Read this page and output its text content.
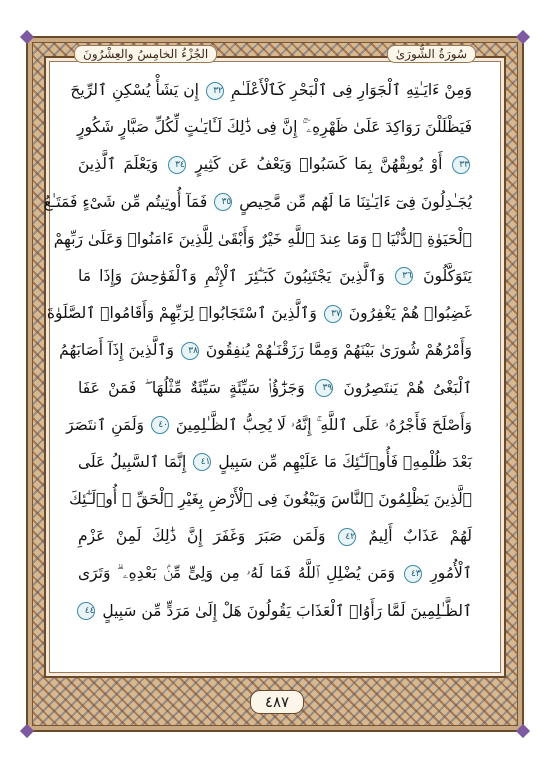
الجُزْءُ الخامِسُ والعِشْرُونَ	سُورَةُ الشُّورَىٰ
وَمِنْ ءَايَـٰتِهِ ٱلْجَوَارِ فِى ٱلْبَحْرِ كَٱلْأَعْلَـٰمِ ٣٢ إِن يَشَأْ يُسْكِنِ ٱلرِّيحَ
فَيَظْلَلْنَ رَوَاكِدَ عَلَىٰ ظَهْرِهِۦٓ ۚ إِنَّ فِى ذَٰلِكَ لَـَٔايَـٰتٍ لِّكُلِّ صَبَّارٍ شَكُورٍ
٣٣ أَوْ يُوبِقْهُنَّ بِمَا كَسَبُوا۟ وَيَعْفُ عَن كَثِيرٍ ٣٤ وَيَعْلَمَ ٱلَّذِينَ
يُجَـٰدِلُونَ فِىٓ ءَايَـٰتِنَا مَا لَهُم مِّن مَّحِيصٍ ٣٥ فَمَآ أُوتِيتُم مِّن شَىْءٍ فَمَتَـٰعُ
ٱلْحَيَوٰةِ ٱلدُّنْيَا ۖ وَمَا عِندَ ٱللَّهِ خَيْرٌ وَأَبْقَىٰ لِلَّذِينَ ءَامَنُوا۟ وَعَلَىٰ رَبِّهِمْ
يَتَوَكَّلُونَ ٣٦ وَٱلَّذِينَ يَجْتَنِبُونَ كَبَـٰٓئِرَ ٱلْإِثْمِ وَٱلْفَوَٰحِشَ وَإِذَا مَا
غَضِبُوا۟ هُمْ يَغْفِرُونَ ٣٧ وَٱلَّذِينَ ٱسْتَجَابُوا۟ لِرَبِّهِمْ وَأَقَامُوا۟ ٱلصَّلَوٰةَ
وَأَمْرُهُمْ شُورَىٰ بَيْنَهُمْ وَمِمَّا رَزَقْنَـٰهُمْ يُنفِقُونَ ٣٨ وَٱلَّذِينَ إِذَآ أَصَابَهُمُ
ٱلْبَغْىُ هُمْ يَنتَصِرُونَ ٣٩ وَجَزَٰٓؤُا۟ سَيِّئَةٍ سَيِّئَةٌ مِّثْلُهَا ۖ فَمَنْ عَفَا
وَأَصْلَحَ فَأَجْرُهُۥ عَلَى ٱللَّهِ ۚ إِنَّهُۥ لَا يُحِبُّ ٱلظَّـٰلِمِينَ ٤٠ وَلَمَنِ ٱنتَصَرَ
بَعْدَ ظُلْمِهِۦ فَأُو۟لَـٰٓئِكَ مَا عَلَيْهِم مِّن سَبِيلٍ ٤١ إِنَّمَا ٱلسَّبِيلُ عَلَى
ٱلَّذِينَ يَظْلِمُونَ ٱلنَّاسَ وَيَبْغُونَ فِى ٱلْأَرْضِ بِغَيْرِ ٱلْحَقِّ ۚ أُو۟لَـٰٓئِكَ
لَهُمْ عَذَابٌ أَلِيمٌ ٤٢ وَلَمَن صَبَرَ وَغَفَرَ إِنَّ ذَٰلِكَ لَمِنْ عَزْمِ
ٱلْأُمُورِ ٤٣ وَمَن يُضْلِلِ ٱللَّهُ فَمَا لَهُۥ مِن وَلِىٍّ مِّنۢ بَعْدِهِۦ ۗ وَتَرَى
ٱلظَّـٰلِمِينَ لَمَّا رَأَوُا۟ ٱلْعَذَابَ يَقُولُونَ هَلْ إِلَىٰ مَرَدٍّ مِّن سَبِيلٍ ٤٤
٤٨٧
